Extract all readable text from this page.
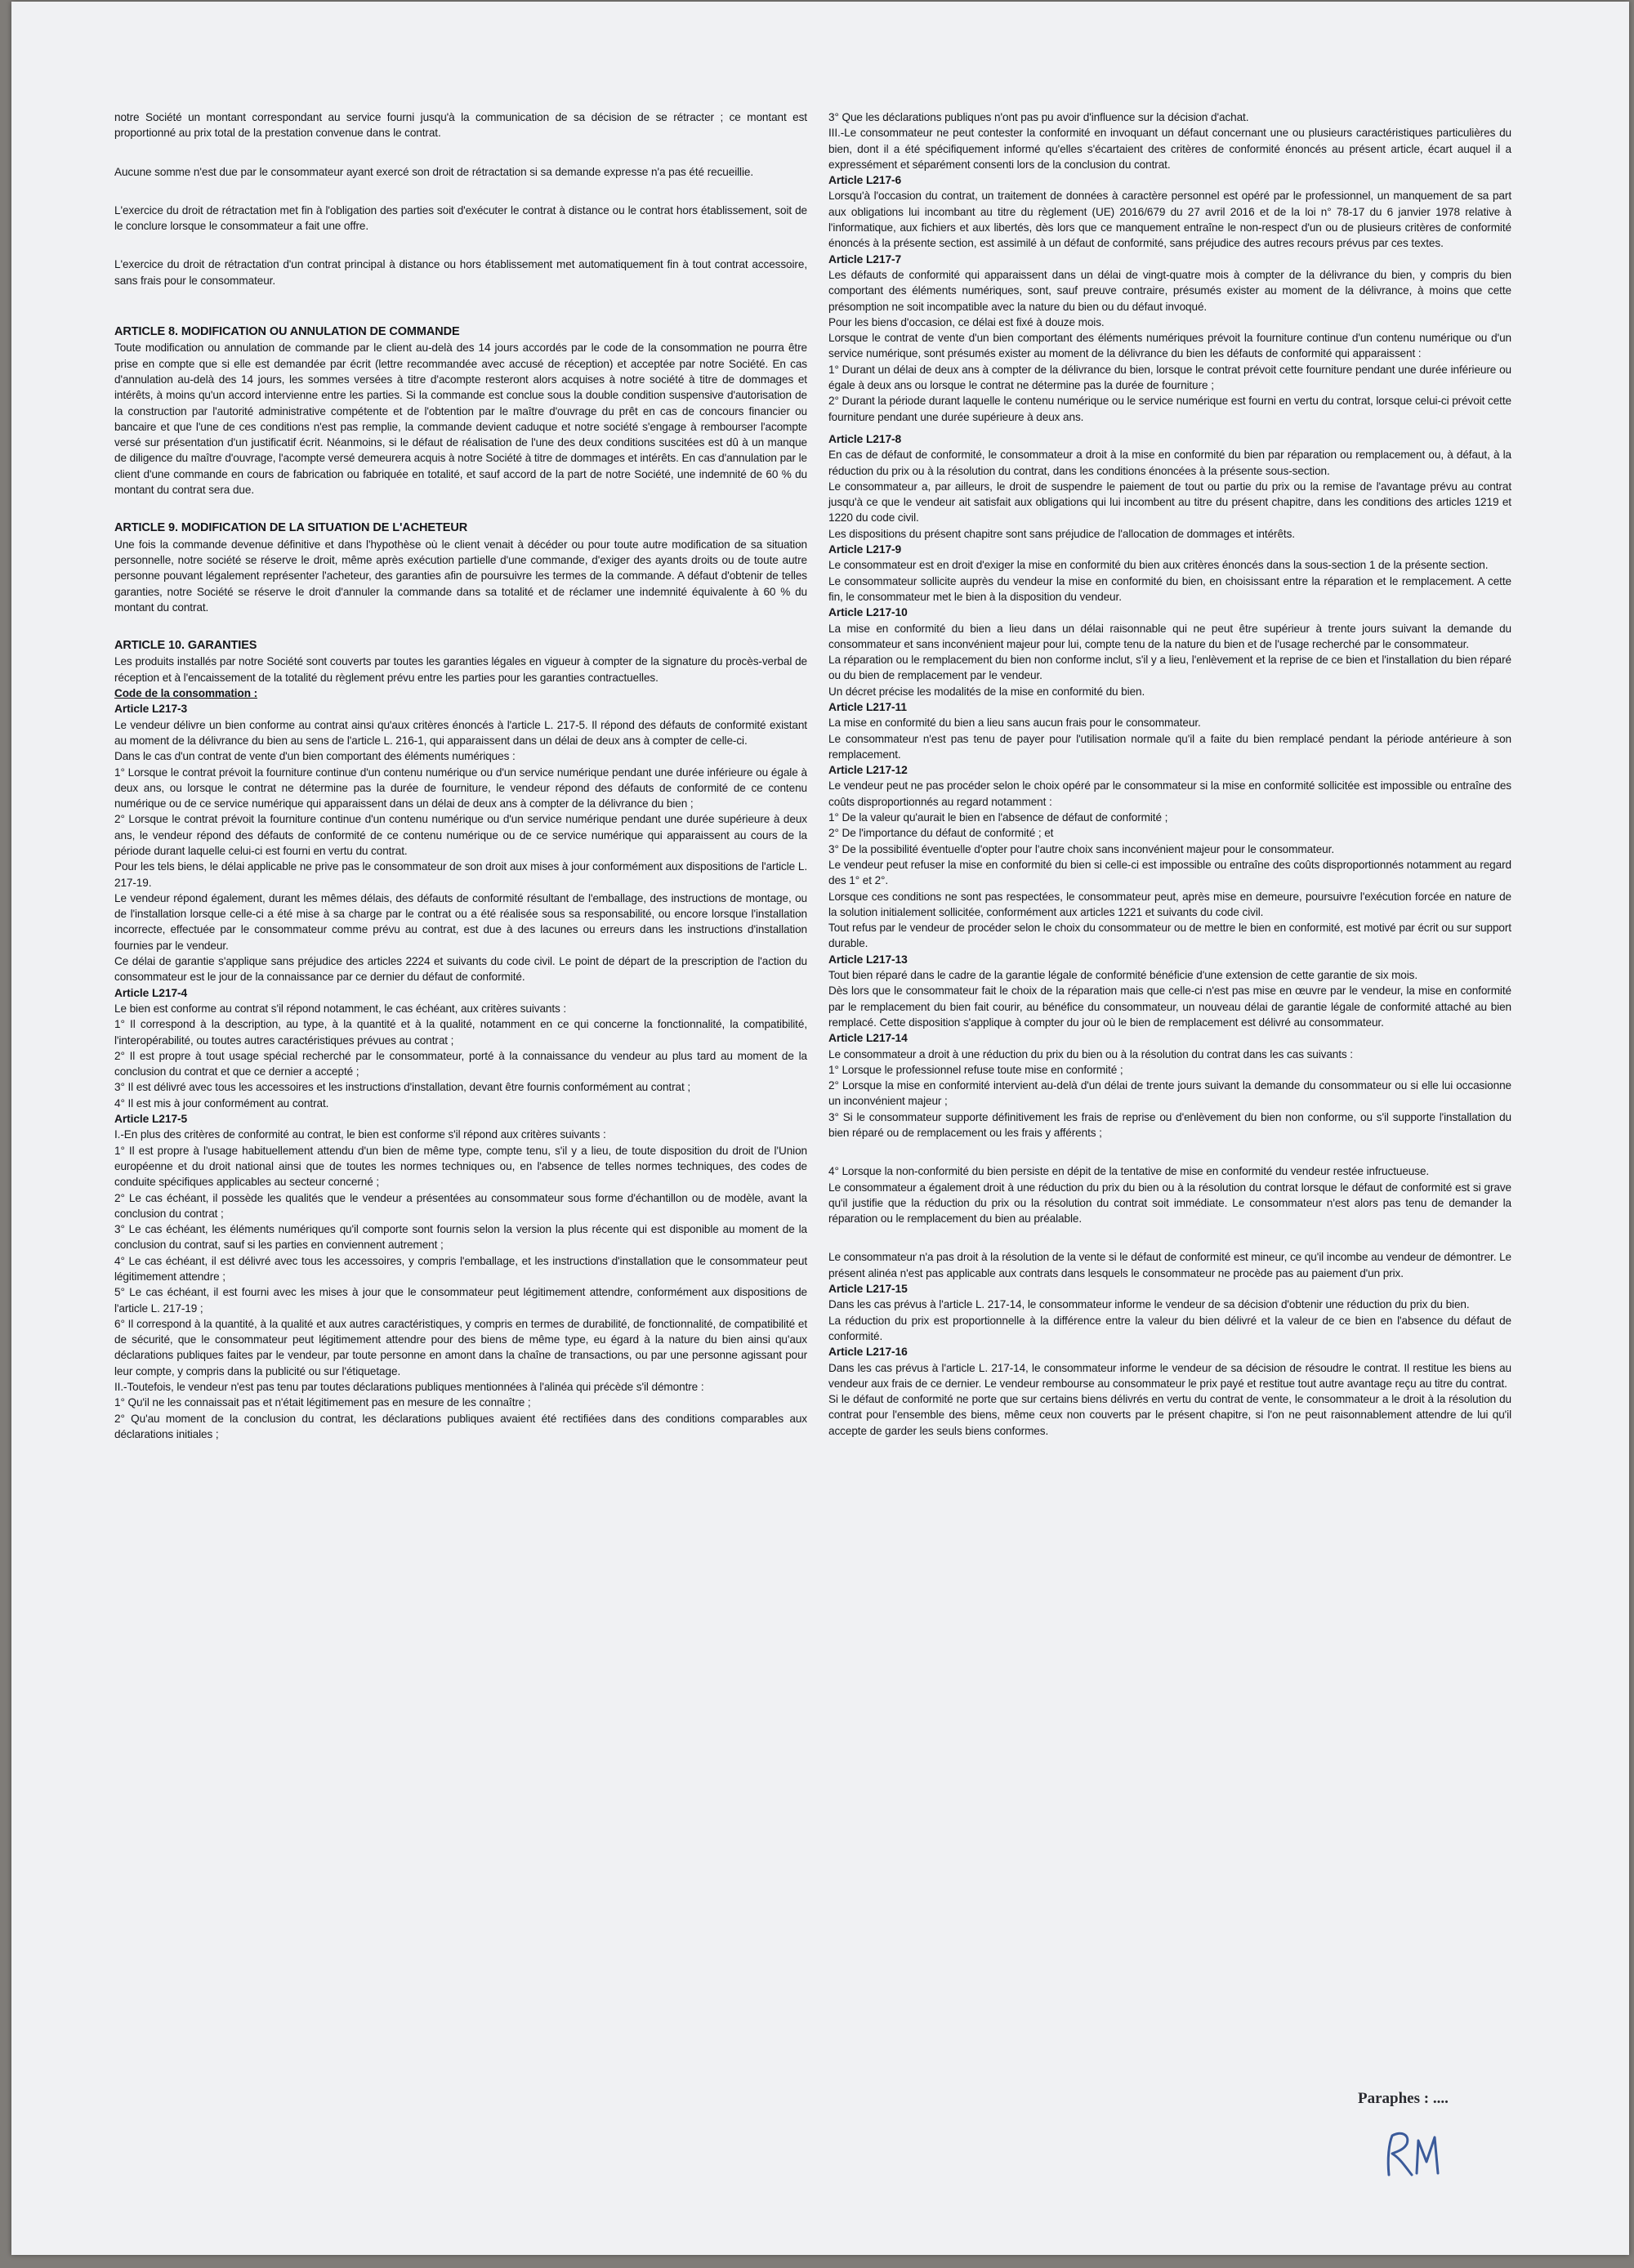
notre Société un montant correspondant au service fourni jusqu'à la communication de sa décision de se rétracter ; ce montant est proportionné au prix total de la prestation convenue dans le contrat.

Aucune somme n'est due par le consommateur ayant exercé son droit de rétractation si sa demande expresse n'a pas été recueillie.

L'exercice du droit de rétractation met fin à l'obligation des parties soit d'exécuter le contrat à distance ou le contrat hors établissement, soit de le conclure lorsque le consommateur a fait une offre.

L'exercice du droit de rétractation d'un contrat principal à distance ou hors établissement met automatiquement fin à tout contrat accessoire, sans frais pour le consommateur.

ARTICLE 8. MODIFICATION OU ANNULATION DE COMMANDE

Toute modification ou annulation de commande par le client au-delà des 14 jours accordés par le code de la consommation ne pourra être prise en compte que si elle est demandée par écrit (lettre recommandée avec accusé de réception) et acceptée par notre Société. En cas d'annulation au-delà des 14 jours, les sommes versées à titre d'acompte resteront alors acquises à notre société à titre de dommages et intérêts, à moins qu'un accord intervienne entre les parties. Si la commande est conclue sous la double condition suspensive d'autorisation de la construction par l'autorité administrative compétente et de l'obtention par le maître d'ouvrage du prêt en cas de concours financier ou bancaire et que l'une de ces conditions n'est pas remplie, la commande devient caduque et notre société s'engage à rembourser l'acompte versé sur présentation d'un justificatif écrit. Néanmoins, si le défaut de réalisation de l'une des deux conditions suscitées est dû à un manque de diligence du maître d'ouvrage, l'acompte versé demeurera acquis à notre Société à titre de dommages et intérêts. En cas d'annulation par le client d'une commande en cours de fabrication ou fabriquée en totalité, et sauf accord de la part de notre Société, une indemnité de 60 % du montant du contrat sera due.

ARTICLE 9. MODIFICATION DE LA SITUATION DE L'ACHETEUR

Une fois la commande devenue définitive et dans l'hypothèse où le client venait à décéder ou pour toute autre modification de sa situation personnelle, notre société se réserve le droit, même après exécution partielle d'une commande, d'exiger des ayants droits ou de toute autre personne pouvant légalement représenter l'acheteur, des garanties afin de poursuivre les termes de la commande. A défaut d'obtenir de telles garanties, notre Société se réserve le droit d'annuler la commande dans sa totalité et de réclamer une indemnité équivalente à 60 % du montant du contrat.

ARTICLE 10. GARANTIES

Les produits installés par notre Société sont couverts par toutes les garanties légales en vigueur à compter de la signature du procès-verbal de réception et à l'encaissement de la totalité du règlement prévu entre les parties pour les garanties contractuelles.

Code de la consommation :

Article L217-3

Le vendeur délivre un bien conforme au contrat ainsi qu'aux critères énoncés à l'article L. 217-5. Il répond des défauts de conformité existant au moment de la délivrance du bien au sens de l'article L. 216-1, qui apparaissent dans un délai de deux ans à compter de celle-ci.

Dans le cas d'un contrat de vente d'un bien comportant des éléments numériques :

1° Lorsque le contrat prévoit la fourniture continue d'un contenu numérique ou d'un service numérique pendant une durée inférieure ou égale à deux ans, ou lorsque le contrat ne détermine pas la durée de fourniture, le vendeur répond des défauts de conformité de ce contenu numérique ou de ce service numérique qui apparaissent dans un délai de deux ans à compter de la délivrance du bien ;

2° Lorsque le contrat prévoit la fourniture continue d'un contenu numérique ou d'un service numérique pendant une durée supérieure à deux ans, le vendeur répond des défauts de conformité de ce contenu numérique ou de ce service numérique qui apparaissent au cours de la période durant laquelle celui-ci est fourni en vertu du contrat.

Pour les tels biens, le délai applicable ne prive pas le consommateur de son droit aux mises à jour conformément aux dispositions de l'article L. 217-19.

Le vendeur répond également, durant les mêmes délais, des défauts de conformité résultant de l'emballage, des instructions de montage, ou de l'installation lorsque celle-ci a été mise à sa charge par le contrat ou a été réalisée sous sa responsabilité, ou encore lorsque l'installation incorrecte, effectuée par le consommateur comme prévu au contrat, est due à des lacunes ou erreurs dans les instructions d'installation fournies par le vendeur.

Ce délai de garantie s'applique sans préjudice des articles 2224 et suivants du code civil. Le point de départ de la prescription de l'action du consommateur est le jour de la connaissance par ce dernier du défaut de conformité.

Article L217-4

Le bien est conforme au contrat s'il répond notamment, le cas échéant, aux critères suivants :

1° Il correspond à la description, au type, à la quantité et à la qualité, notamment en ce qui concerne la fonctionnalité, la compatibilité, l'interopérabilité, ou toutes autres caractéristiques prévues au contrat ;

2° Il est propre à tout usage spécial recherché par le consommateur, porté à la connaissance du vendeur au plus tard au moment de la conclusion du contrat et que ce dernier a accepté ;

3° Il est délivré avec tous les accessoires et les instructions d'installation, devant être fournis conformément au contrat ;

4° Il est mis à jour conformément au contrat.

Article L217-5

I.-En plus des critères de conformité au contrat, le bien est conforme s'il répond aux critères suivants :

1° Il est propre à l'usage habituellement attendu d'un bien de même type, compte tenu, s'il y a lieu, de toute disposition du droit de l'Union européenne et du droit national ainsi que de toutes les normes techniques ou, en l'absence de telles normes techniques, des codes de conduite spécifiques applicables au secteur concerné ;

2° Le cas échéant, il possède les qualités que le vendeur a présentées au consommateur sous forme d'échantillon ou de modèle, avant la conclusion du contrat ;

3° Le cas échéant, les éléments numériques qu'il comporte sont fournis selon la version la plus récente qui est disponible au moment de la conclusion du contrat, sauf si les parties en conviennent autrement ;

4° Le cas échéant, il est délivré avec tous les accessoires, y compris l'emballage, et les instructions d'installation que le consommateur peut légitimement attendre ;

5° Le cas échéant, il est fourni avec les mises à jour que le consommateur peut légitimement attendre, conformément aux dispositions de l'article L. 217-19 ;

6° Il correspond à la quantité, à la qualité et aux autres caractéristiques, y compris en termes de durabilité, de fonctionnalité, de compatibilité et de sécurité, que le consommateur peut légitimement attendre pour des biens de même type, eu égard à la nature du bien ainsi qu'aux déclarations publiques faites par le vendeur, par toute personne en amont dans la chaîne de transactions, ou par une personne agissant pour leur compte, y compris dans la publicité ou sur l'étiquetage.

II.-Toutefois, le vendeur n'est pas tenu par toutes déclarations publiques mentionnées à l'alinéa qui précède s'il démontre :

1° Qu'il ne les connaissait pas et n'était légitimement pas en mesure de les connaître ;

2° Qu'au moment de la conclusion du contrat, les déclarations publiques avaient été rectifiées dans des conditions comparables aux déclarations initiales ;

3° Que les déclarations publiques n'ont pas pu avoir d'influence sur la décision d'achat.

III.-Le consommateur ne peut contester la conformité en invoquant un défaut concernant une ou plusieurs caractéristiques particulières du bien, dont il a été spécifiquement informé qu'elles s'écartaient des critères de conformité énoncés au présent article, écart auquel il a expressément et séparément consenti lors de la conclusion du contrat.

Article L217-6

Lorsqu'à l'occasion du contrat, un traitement de données à caractère personnel est opéré par le professionnel, un manquement de sa part aux obligations lui incombant au titre du règlement (UE) 2016/679 du 27 avril 2016 et de la loi n° 78-17 du 6 janvier 1978 relative à l'informatique, aux fichiers et aux libertés, dès lors que ce manquement entraîne le non-respect d'un ou de plusieurs critères de conformité énoncés à la présente section, est assimilé à un défaut de conformité, sans préjudice des autres recours prévus par ces textes.

Article L217-7

Les défauts de conformité qui apparaissent dans un délai de vingt-quatre mois à compter de la délivrance du bien, y compris du bien comportant des éléments numériques, sont, sauf preuve contraire, présumés exister au moment de la délivrance, à moins que cette présomption ne soit incompatible avec la nature du bien ou du défaut invoqué.

Pour les biens d'occasion, ce délai est fixé à douze mois.

Lorsque le contrat de vente d'un bien comportant des éléments numériques prévoit la fourniture continue d'un contenu numérique ou d'un service numérique, sont présumés exister au moment de la délivrance du bien les défauts de conformité qui apparaissent :

1° Durant un délai de deux ans à compter de la délivrance du bien, lorsque le contrat prévoit cette fourniture pendant une durée inférieure ou égale à deux ans ou lorsque le contrat ne détermine pas la durée de fourniture ;

2° Durant la période durant laquelle le contenu numérique ou le service numérique est fourni en vertu du contrat, lorsque celui-ci prévoit cette fourniture pendant une durée supérieure à deux ans.

Article L217-8

En cas de défaut de conformité, le consommateur a droit à la mise en conformité du bien par réparation ou remplacement ou, à défaut, à la réduction du prix ou à la résolution du contrat, dans les conditions énoncées à la présente sous-section.

Le consommateur a, par ailleurs, le droit de suspendre le paiement de tout ou partie du prix ou la remise de l'avantage prévu au contrat jusqu'à ce que le vendeur ait satisfait aux obligations qui lui incombent au titre du présent chapitre, dans les conditions des articles 1219 et 1220 du code civil.

Les dispositions du présent chapitre sont sans préjudice de l'allocation de dommages et intérêts.

Article L217-9

Le consommateur est en droit d'exiger la mise en conformité du bien aux critères énoncés dans la sous-section 1 de la présente section.

Le consommateur sollicite auprès du vendeur la mise en conformité du bien, en choisissant entre la réparation et le remplacement. A cette fin, le consommateur met le bien à la disposition du vendeur.

Article L217-10

La mise en conformité du bien a lieu dans un délai raisonnable qui ne peut être supérieur à trente jours suivant la demande du consommateur et sans inconvénient majeur pour lui, compte tenu de la nature du bien et de l'usage recherché par le consommateur.

La réparation ou le remplacement du bien non conforme inclut, s'il y a lieu, l'enlèvement et la reprise de ce bien et l'installation du bien réparé ou du bien de remplacement par le vendeur.

Un décret précise les modalités de la mise en conformité du bien.

Article L217-11

La mise en conformité du bien a lieu sans aucun frais pour le consommateur.

Le consommateur n'est pas tenu de payer pour l'utilisation normale qu'il a faite du bien remplacé pendant la période antérieure à son remplacement.

Article L217-12

Le vendeur peut ne pas procéder selon le choix opéré par le consommateur si la mise en conformité sollicitée est impossible ou entraîne des coûts disproportionnés au regard notamment :

1° De la valeur qu'aurait le bien en l'absence de défaut de conformité ;

2° De l'importance du défaut de conformité ; et

3° De la possibilité éventuelle d'opter pour l'autre choix sans inconvénient majeur pour le consommateur.

Le vendeur peut refuser la mise en conformité du bien si celle-ci est impossible ou entraîne des coûts disproportionnés notamment au regard des 1° et 2°.

Lorsque ces conditions ne sont pas respectées, le consommateur peut, après mise en demeure, poursuivre l'exécution forcée en nature de la solution initialement sollicitée, conformément aux articles 1221 et suivants du code civil.

Tout refus par le vendeur de procéder selon le choix du consommateur ou de mettre le bien en conformité, est motivé par écrit ou sur support durable.

Article L217-13

Tout bien réparé dans le cadre de la garantie légale de conformité bénéficie d'une extension de cette garantie de six mois.

Dès lors que le consommateur fait le choix de la réparation mais que celle-ci n'est pas mise en œuvre par le vendeur, la mise en conformité par le remplacement du bien fait courir, au bénéfice du consommateur, un nouveau délai de garantie légale de conformité attaché au bien remplacé. Cette disposition s'applique à compter du jour où le bien de remplacement est délivré au consommateur.

Article L217-14

Le consommateur a droit à une réduction du prix du bien ou à la résolution du contrat dans les cas suivants :

1° Lorsque le professionnel refuse toute mise en conformité ;

2° Lorsque la mise en conformité intervient au-delà d'un délai de trente jours suivant la demande du consommateur ou si elle lui occasionne un inconvénient majeur ;

3° Si le consommateur supporte définitivement les frais de reprise ou d'enlèvement du bien non conforme, ou s'il supporte l'installation du bien réparé ou de remplacement ou les frais y afférents ;

4° Lorsque la non-conformité du bien persiste en dépit de la tentative de mise en conformité du vendeur restée infructueuse.

Le consommateur a également droit à une réduction du prix du bien ou à la résolution du contrat lorsque le défaut de conformité est si grave qu'il justifie que la réduction du prix ou la résolution du contrat soit immédiate. Le consommateur n'est alors pas tenu de demander la réparation ou le remplacement du bien au préalable.

Le consommateur n'a pas droit à la résolution de la vente si le défaut de conformité est mineur, ce qu'il incombe au vendeur de démontrer. Le présent alinéa n'est pas applicable aux contrats dans lesquels le consommateur ne procède pas au paiement d'un prix.

Article L217-15

Dans les cas prévus à l'article L. 217-14, le consommateur informe le vendeur de sa décision d'obtenir une réduction du prix du bien.

La réduction du prix est proportionnelle à la différence entre la valeur du bien délivré et la valeur de ce bien en l'absence du défaut de conformité.

Article L217-16

Dans les cas prévus à l'article L. 217-14, le consommateur informe le vendeur de sa décision de résoudre le contrat. Il restitue les biens au vendeur aux frais de ce dernier. Le vendeur rembourse au consommateur le prix payé et restitue tout autre avantage reçu au titre du contrat.

Si le défaut de conformité ne porte que sur certains biens délivrés en vertu du contrat de vente, le consommateur a le droit à la résolution du contrat pour l'ensemble des biens, même ceux non couverts par le présent chapitre, si l'on ne peut raisonnablement attendre de lui qu'il accepte de garder les seuls biens conformes.

Paraphes : ....
